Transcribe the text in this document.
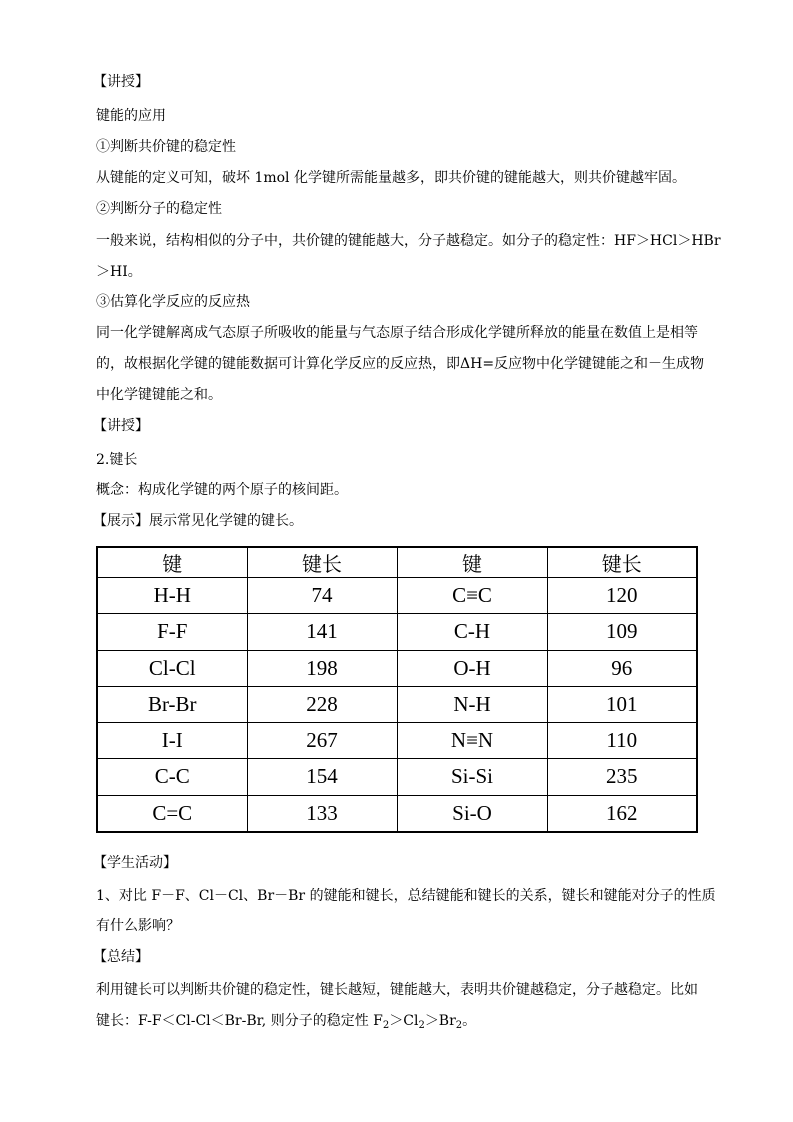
【讲授】
键能的应用
①判断共价键的稳定性
从键能的定义可知，破坏 1mol 化学键所需能量越多，即共价键的键能越大，则共价键越牢固。
②判断分子的稳定性
一般来说，结构相似的分子中，共价键的键能越大，分子越稳定。如分子的稳定性：HF＞HCl＞HBr
＞HI。
③估算化学反应的反应热
同一化学键解离成气态原子所吸收的能量与气态原子结合形成化学键所释放的能量在数值上是相等
的，故根据化学键的键能数据可计算化学反应的反应热，即ΔH=反应物中化学键键能之和－生成物
中化学键键能之和。
【讲授】
2.键长
概念：构成化学键的两个原子的核间距。
【展示】展示常见化学键的键长。
键	键长	键	键长
H-H	74	C≡C	120
F-F	141	C-H	109
Cl-Cl	198	O-H	96
Br-Br	228	N-H	101
I-I	267	N≡N	110
C-C	154	Si-Si	235
C=C	133	Si-O	162
【学生活动】
1、对比 F－F、Cl－Cl、Br－Br 的键能和键长，总结键能和键长的关系，键长和键能对分子的性质
有什么影响？
【总结】
利用键长可以判断共价键的稳定性，键长越短，键能越大，表明共价键越稳定，分子越稳定。比如
键长：F-F＜Cl-Cl＜Br-Br, 则分子的稳定性 $F_2>Cl_2>Br_2$。
